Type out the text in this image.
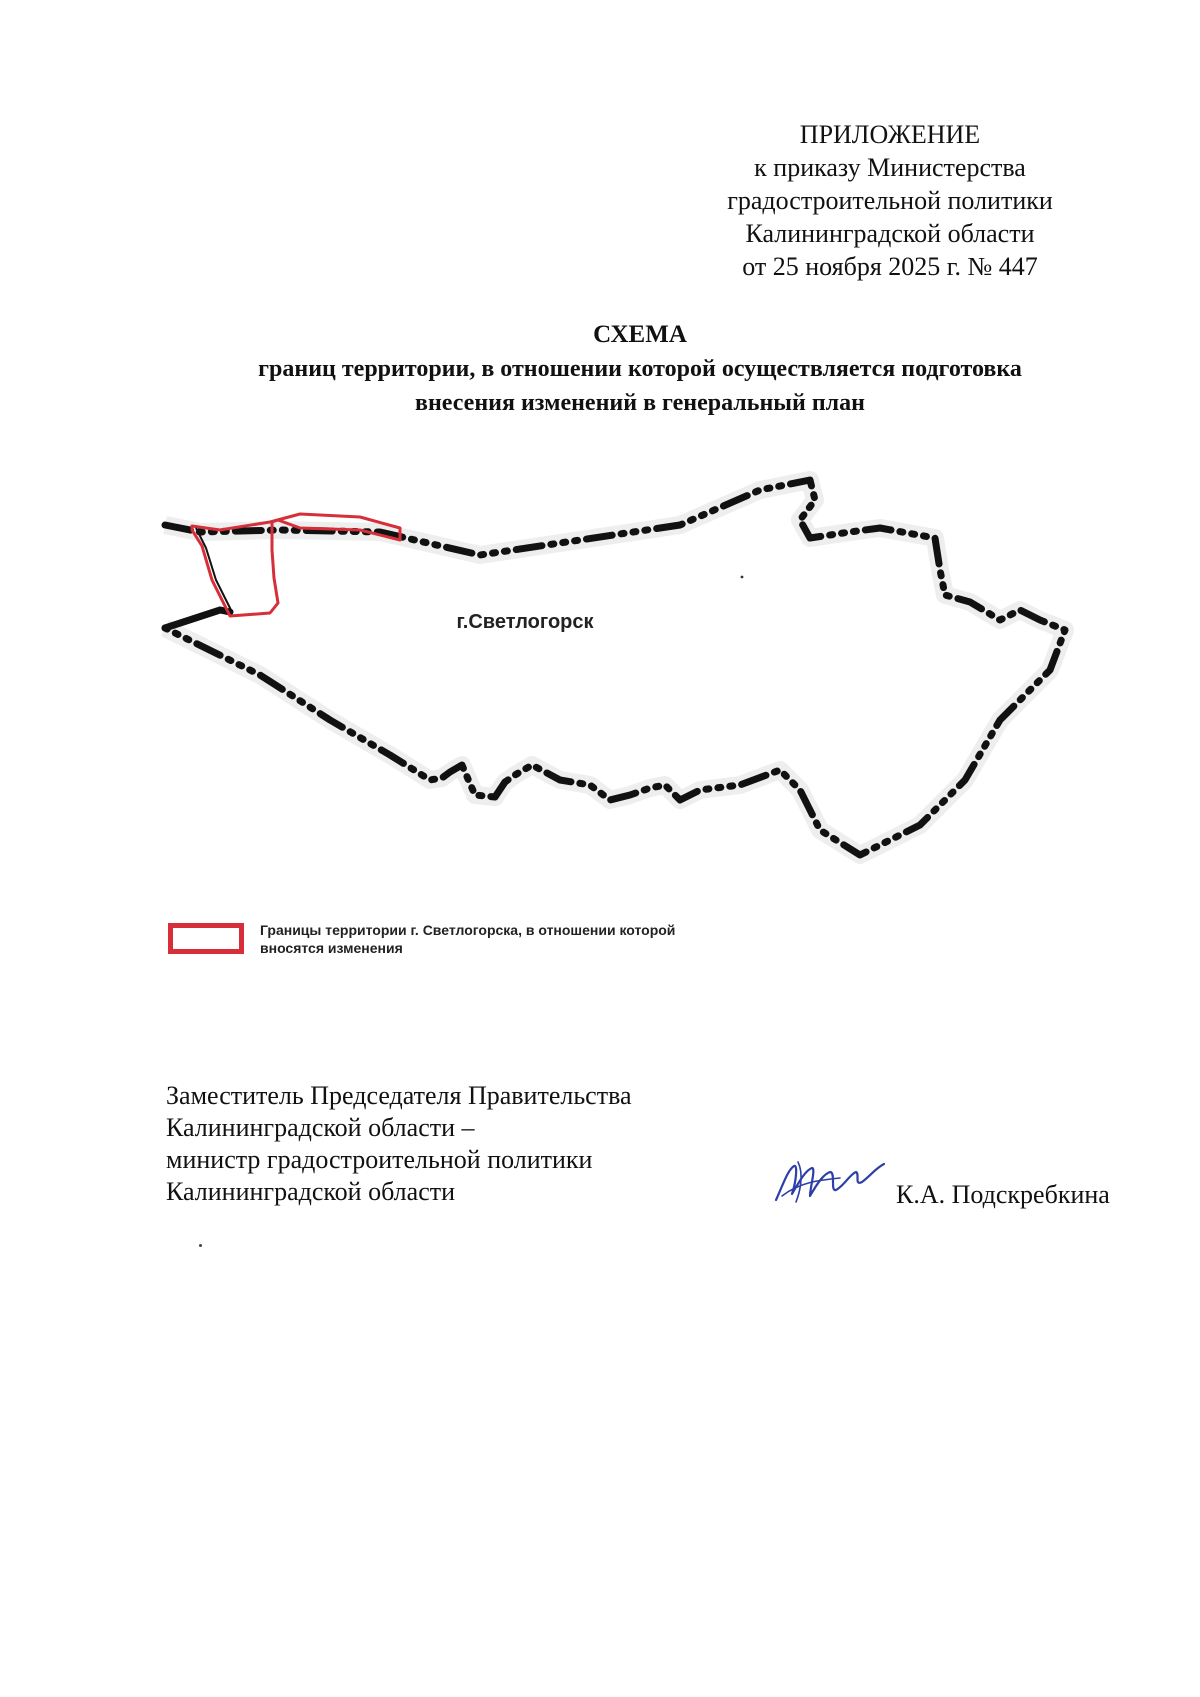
ПРИЛОЖЕНИЕ
к приказу Министерства
градостроительной политики
Калининградской области
от 25 ноября 2025 г. № 447
СХЕМА
границ территории, в отношении которой осуществляется подготовка
внесения изменений в генеральный план
г.Светлогорск
Границы территории г. Светлогорска, в отношении которой вносятся изменения
Заместитель Председателя Правительства
Калининградской области –
министр градостроительной политики
Калининградской области	К.А. Подскребкина
